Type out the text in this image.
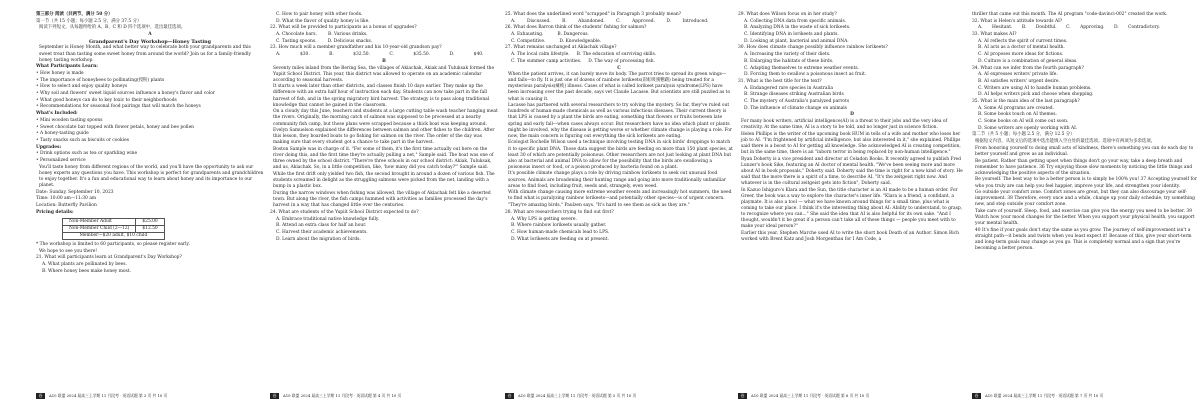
第三部分 阅读（共两节，满分 50 分）

第一节（共 15 小题；每小题 2.5 分，满分 37.5 分）

阅读下列短文，从每题所给的 A、B、C 和 D 四个选项中，选出最佳选项。

A

Grandparent's Day Workshop—Honey Tasting

September is Honey Month, and what better way to celebrate both your grandparents and this sweet treat than tasting some sweet honey from around the world? Join us for a family-friendly honey tasting workshop.

What Participants Learn:

• How honey is made

• The importance of honeybees to pollinating(授粉) plants

• How to select and enjoy quality honeys

• Why soil and flowers' sweet liquid sources influence a honey's flavor and color

• What good honeys can do to key toxic to their neighborhoods

• Recommendations for seasonal food pairings that will match the honeys

What's Included:

• Mini wooden tasting spoons

• Sweet chocolate bar topped with flower petals, honey and bee pollen

• A honey-tasting guide

• Tasty snacks such as biscuits or cookies

Upgrades:

• Drink options such as tea or sparkling wine

• Personalized service

You'll taste honey from different regions of the world, and you'll have the opportunity to ask our honey experts any questions you have. This workshop is perfect for grandparents and grandchildren to enjoy together. It's a fun and educational way to learn about honey and its importance to our planet.

Date: Sunday, September 10, 2023

Time: 10:00 am—11:30 am

Location: Butterfly Pavilion

Pricing details:

Non-Member Adult	$25.00
Non-Member Child (2—12)	$12.50
Member—$20 adult, $10 child	

* The workshop is limited to 60 participants, so please register early.

We hope to see you there!

21. What will participants learn at Grandparent's Day Workshop?

A. What plants are pollinated by bees.

B. Where honey bees make honey most.

C. How to pair honey with other foods.

D. What the flavor of quality honey is like.

22. What will be provided to participants as a bonus of upgrades?

A. Chocolate bars.	B. Various drinks.

C. Tasting spoons.	D. Delicious snacks.

23. How much will a member grandfather and his 10-year-old grandson pay?

A. $30.	B. $32.50.	C. $35.50.	D. $40.

B

Seventy miles inland from the Bering Sea, the villages of Akiachak, Akiak and Tuluksak formed the Yupiit School District. This year, this district was allowed to operate on an academic calendar according to seasonal harvests.

It starts a week later than other districts, and classes finish 10 days earlier. They make up the difference with an extra half hour of instruction each day. Students can now take part in the fall harvest of fish, and in the spring migratory bird harvest. The strategy is to pass along traditional knowledge that cannot be gained in the classroom.

On a cloudy day this June, teachers and students at a large cutting table wash teacher hanging meat the rivers. Originally, the morning catch of salmon was supposed to be processed at a nearby community fish camp, but those plans were scrapped because a thick boat was keeping around.

Evelyn Samuelson explained the differences between salmon and other fishes to the children. After this lesson, they boarded boats to go fishing for salmon on the river. The order of the day was making sure that every student got a chance to take part in the harvest.

Boston Sample was in charge of it. "For some of them, it's the first time actually out here on the river doing this, and the first time they're actually pulling a net," Sample said. The boat was one of three owned by the school district. "There're three schools in our school district: Akiak, Tuluksak, and us, Akiachak. So, in a little competition, like, 'how many did you catch today?'" Sample said.

While the first drift only yielded two fish, the second brought in around a dozen of various fish. The students screamed in delight as the struggling salmons were picked from the net, landing with a bump in a plastic box.

During the narrow windows when fishing was allowed, the village of Akiachak felt like a deserted town. But along the river, the fish camps hummed with activities as families processed the day's harvest in a way that has changed little over the centuries.

24. What are students of the Yupiit School District expected to do?

A. Embrace traditional native knowledge fully.

B. Attend an extra class for half an hour.

C. Harvest their academic achievements.

D. Learn about the migration of birds.

25. What does the underlined word "scrapped" in Paragraph 3 probably mean?

A. Discussed.	B. Abandoned.	C. Approved.	D. Introduced.

26. What does Barron think of the students' fishing for salmon?

A. Exhausting.	B. Dangerous.

C. Competitive.	D. Knowledgeable.

27. What remains unchanged at Akiachak village?

A. The local calm lifestyle. B. The education of surviving skills.

C. The summer camp activities. D. The way of processing fish.

C

When the patient arrives, it can barely move its body. The parrot tries to spread its green wings—and fails—to fly. It is just one of dozens of rainbow lorikeets(彩虹吸蜜鹦鹉) being treated for a mysterious paralysis(瘫痪) illness. Cases of what is called lorikeet paralysis syndrome(LPS) have been increasing over the past decade, says vet Claude Lacasse. But scientists are still puzzled as to what is causing it.

Lacasse has partnered with several researchers to try solving the mystery. So far, they've ruled out hundreds of human-made chemicals as well as various infectious diseases. Their current theory is that LPS is caused by a plant the birds are eating, something that flowers or fruits between late spring and early fall—when cases always occur. But researchers have no idea which plant or plants might be involved, why the disease is getting worse or whether climate change is playing a role. For now, the main concern is figuring out everything the sick lorikeets are eating.

Ecologist Rochelle Wilson used a technique involving testing DNA in sick birds' droppings to match it to specific plant DNA. Those data suggest the birds are feeding on more than 150 plant species, at least 30 of which are potentially poisonous. Other researchers are not just looking at plant DNA but also at bacterial and animal DNA to allow for the possibility that the birds are swallowing a poisonous insect or food, or a poison produced by bacteria found on a plant.

It's possible climate change plays a role by driving rainbow lorikeets to seek out unusual food sources. Animals are broadening their hunting range and going into more traditionally unfamiliar areas to find food, including fruit, seeds and, strangely, even weed.

With climate change causing more extreme weather events and increasingly hot summers, the need to find what is paralyzing rainbow lorikeets—and potentially other species—is of urgent concern.

"They're amazing birds," Paulzen says. "It's hard to see them as sick as they are."

28. What are researchers trying to find out first?

A. Why LPS is getting severe.

B. Where rainbow lorikeets usually gather.

C. How human-made chemicals lead to LPS.

D. What lorikeets are feeding on at present.

29. What does Wilson focus on in her study?

A. Collecting DNA data from specific animals.

B. Analyzing DNA in the waste of sick lorikeets.

C. Identifying DNA in lorikeets and plants.

D. Looking at plant, bacterial and animal DNA.

30. How does climate change possibly influence rainbow lorikeets?

A. Increasing the variety of their diets.

B. Enlarging the habitats of these birds.

C. Adapting themselves to extreme weather events.

D. Forcing them to swallow a poisonous insect as fruit.

31. What is the best title for the text?

A. Endangered rare species in Australia

B. Strange diseases striking Australian birds

C. The mystery of Australia's paralyzed parrots

D. The influence of climate change on animals

D

For many book writers, artificial intelligence(AI) is a threat to their jobs and the very idea of creativity. At the same time, AI is a story to be told, and no longer just in science fiction.

Helen Phillips is the writer of the upcoming book HUM in tells of a wife and mother who loses her job to AI. "I'm frightened by artificial intelligence, but also interested in it," she explained. Phillips said there is a boost to AI for getting all knowledge. She acknowledged AI is creating competition, but in the same time, there is an "inborn terror in being replaced by non-human intelligence."

Ryan Doherty is a vice president and director at Celadon Books. It recently agreed to publish Fred Lunzer's book Sike, featuring an AI doctor of mental health. "We've been seeing more and more about AI in book proposals," Doherty said. Doherty said the time is right for a new kind of story. He said that the more there is a spirit of a time, to describe AI. "It's the zeitgeist right now. And whatever is in the cultural zeitgeist gets into fiction", Doherty said.

In Kazuo Ishiguro's Klara and the Sun, the title character is an AI made to be a human order. For Greer, the book was a way to explore the character's inner life. "Klara is a friend, a confidant, a playmate. It is also a tool — what we have known around things for a small time, plus what is coming to take our place. I think it's the interesting thing about AI: Ability to understand, to grasp, to recognize where you can..." She said the idea that AI is also helpful for its own sake. "And I thought, wouldn't it be great if a person can't take all of these things — people you meet with to make your ideal person?"

Earlier this year, Stephen Marche used AI to write the short book Death of an Author. Simon Rich worked with Brent Katz and Josh Morgenthau for I Am Code, a

thriller that came out this month. The AI program "code-davinci-002" created the work.

32. What is Helen's attitude towards AI?

A. Hesitant. B. Doubtful. C. Approving. D. Contradictory.

33. What makes AI?

A. AI reflects the spirit of current times.

B. AI acts as a doctor of mental health.

C. AI proposes more ideas for fictions.

D. Culture is a combination of general ideas.

34. What can we infer from the fourth paragraph?

A. AI expresses writers' private life.

B. AI satisfies writers' urgent desire.

C. Writers are using AI to handle human problems.

D. AI helps writers pick and choose when shopping.

35. What is the main idea of the last paragraph?

A. Some AI programs are created.

B. Some books touch on AI themes.

C. Some books on AI will come out soon.

D. Some writers are openly working with AI.

第二节（共 5 小题；每小题 2.5 分，满分 12.5 分）

根据短文内容，从短文后的选项中选出能填入空白处的最佳选项。选项中有两项为多余选项。

From honoring yourself to doing small acts of kindness, there's something you can do each day to better yourself and grow as an individual.

Be patient. Rather than getting upset when things don't go your way, take a deep breath and remember to have patience. 36 Try enjoying those slow moments by noticing the little things and acknowledging the positive aspects of the situation.

Be yourself. The best way to be a better person is to simply be 100% you! 37 Accepting yourself for who you truly are can help you feel happier, improve your life, and strengthen your identity.

Go outside your comfort zone. Comfort zones are great, but they can also discourage your self-improvement. 38 Therefore, every once and a while, change up your daily schedule, try something new, and step outside your comfort zone.

Take care of yourself. Sleep, food, and exercise can give you the energy you need to be better. 39 Watch how your mood changes for the better. When you support your physical health, you support your mental health.

40 It's fine if your goals don't stay the same as you grow. The journey of self-improvement isn't a straight path—it bends and twists when you least expect it! Because of this, give your short-term and long-term goals may change as you go. This is completely normal and a sign that you're becoming a better person.

卷	A10 联盟 2024 届高三上学期 11 月段考 · 英语试题 第 3 页 共 10 页	卷	A10 联盟 2024 届高三上学期 11 月段考 · 英语试题 第 4 页 共 10 页	卷	A10 联盟 2024 届高三上学期 11 月段考 · 英语试题 第 5 页 共 10 页	卷	A10 联盟 2024 届高三上学期 11 月段考 · 英语试题 第 6 页 共 10 页	卷	A10 联盟 2024 届高三上学期 11 月段考 · 英语试题 第 7 页 共 10 页
